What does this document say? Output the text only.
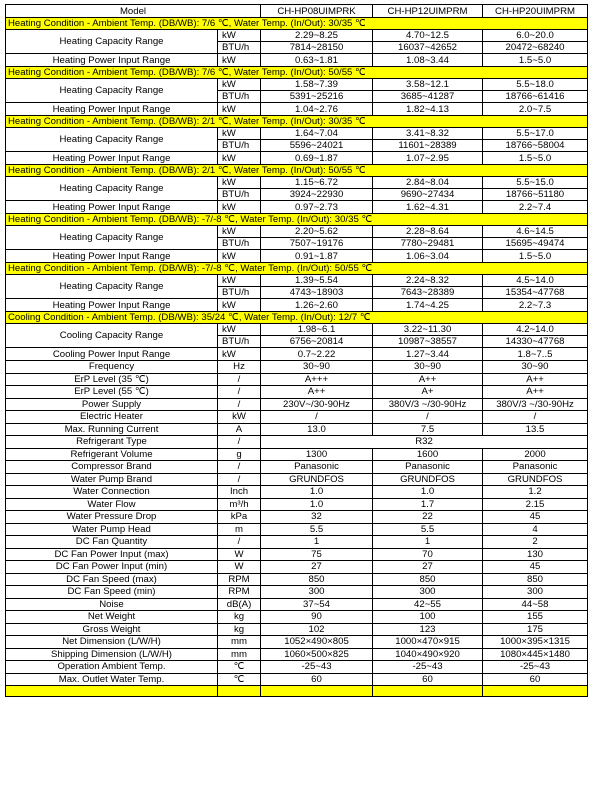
Model		CH-HP08UIMPRK	CH-HP12UIMPRM	CH-HP20UIMPRM
Heating Condition - Ambient Temp. (DB/WB): 7/6 ℃, Water Temp. (In/Out): 30/35 ℃				
Heating Capacity Range	kW	2.29~8.25	4.70~12.5	6.0~20.0
	BTU/h	7814~28150	16037~42652	20472~68240
Heating Power Input Range	kW	0.63~1.81	1.08~3.44	1.5~5.0
Heating Condition - Ambient Temp. (DB/WB): 7/6 ℃, Water Temp. (In/Out): 50/55 ℃				
Heating Capacity Range	kW	1.58~7.39	3.58~12.1	5.5~18.0
	BTU/h	5391~25216	3685~41287	18766~61416
Heating Power Input Range	kW	1.04~2.76	1.82~4.13	2.0~7.5
Heating Condition - Ambient Temp. (DB/WB): 2/1 ℃, Water Temp. (In/Out): 30/35 ℃				
Heating Capacity Range	kW	1.64~7.04	3.41~8.32	5.5~17.0
	BTU/h	5596~24021	11601~28389	18766~58004
Heating Power Input Range	kW	0.69~1.87	1.07~2.95	1.5~5.0
Heating Condition - Ambient Temp. (DB/WB): 2/1 ℃, Water Temp. (In/Out): 50/55 ℃				
Heating Capacity Range	kW	1.15~6.72	2.84~8.04	5.5~15.0
	BTU/h	3924~22930	9690~27434	18766~51180
Heating Power Input Range	kW	0.97~2.73	1.62~4.31	2.2~7.4
Heating Condition - Ambient Temp. (DB/WB): -7/-8 ℃, Water Temp. (In/Out): 30/35 ℃				
Heating Capacity Range	kW	2.20~5.62	2.28~8.64	4.6~14.5
	BTU/h	7507~19176	7780~29481	15695~49474
Heating Power Input Range	kW	0.91~1.87	1.06~3.04	1.5~5.0
Heating Condition - Ambient Temp. (DB/WB): -7/-8 ℃, Water Temp. (In/Out): 50/55 ℃				
Heating Capacity Range	kW	1.39~5.54	2.24~8.32	4.5~14.0
	BTU/h	4743~18903	7643~28389	15354~47768
Heating Power Input Range	kW	1.26~2.60	1.74~4.25	2.2~7.3
Cooling Condition - Ambient Temp. (DB/WB): 35/24 ℃, Water Temp. (In/Out): 12/7 ℃				
Cooling Capacity Range	kW	1.98~6.1	3.22~11.30	4.2~14.0
	BTU/h	6756~20814	10987~38557	14330~47768
Cooling Power Input Range	kW	0.7~2.22	1.27~3.44	1.8~7..5
Frequency	Hz	30~90	30~90	30~90
ErP Level (35 ℃)	/	A+++	A++	A++
ErP Level (55 ℃)	/	A++	A+	A++
Power Supply	/	230V~/30-90Hz	380V/3 ~/30-90Hz	380V/3 ~/30-90Hz
Electric Heater	kW	/	/	/
Max. Running Current	A	13.0	7.5	13.5
Refrigerant Type	/	R32		
Refrigerant Volume	g	1300	1600	2000
Compressor Brand	/	Panasonic	Panasonic	Panasonic
Water Pump Brand	/	GRUNDFOS	GRUNDFOS	GRUNDFOS
Water Connection	Inch	1.0	1.0	1.2
Water Flow	m³/h	1.0	1.7	2.15
Water Pressure Drop	kPa	32	22	45
Water Pump Head	m	5.5	5.5	4
DC Fan Quantity	/	1	1	2
DC Fan Power Input (max)	W	75	70	130
DC Fan Power Input (min)	W	27	27	45
DC Fan Speed (max)	RPM	850	850	850
DC Fan Speed (min)	RPM	300	300	300
Noise	dB(A)	37~54	42~55	44~58
Net Weight	kg	90	100	155
Gross Weight	kg	102	123	175
Net Dimension (L/W/H)	mm	1052×490×805	1000×470×915	1000×395×1315
Shipping Dimension (L/W/H)	mm	1060×500×825	1040×490×920	1080×445×1480
Operation Ambient Temp.	℃	-25~43	-25~43	-25~43
Max. Outlet Water Temp.	℃	60	60	60
